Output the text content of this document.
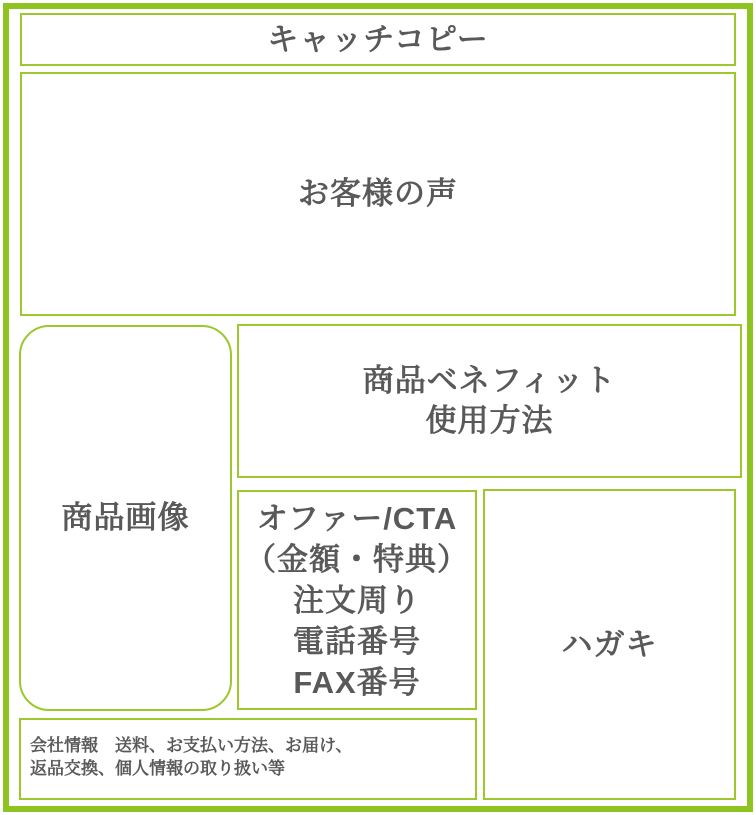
キャッチコピー
お客様の声
商品画像
商品ベネフィット
使用方法
オファー/CTA
（金額・特典）
注文周り
電話番号
FAX番号
ハガキ
会社情報　送料、お支払い方法、お届け、
返品交換、個人情報の取り扱い等
